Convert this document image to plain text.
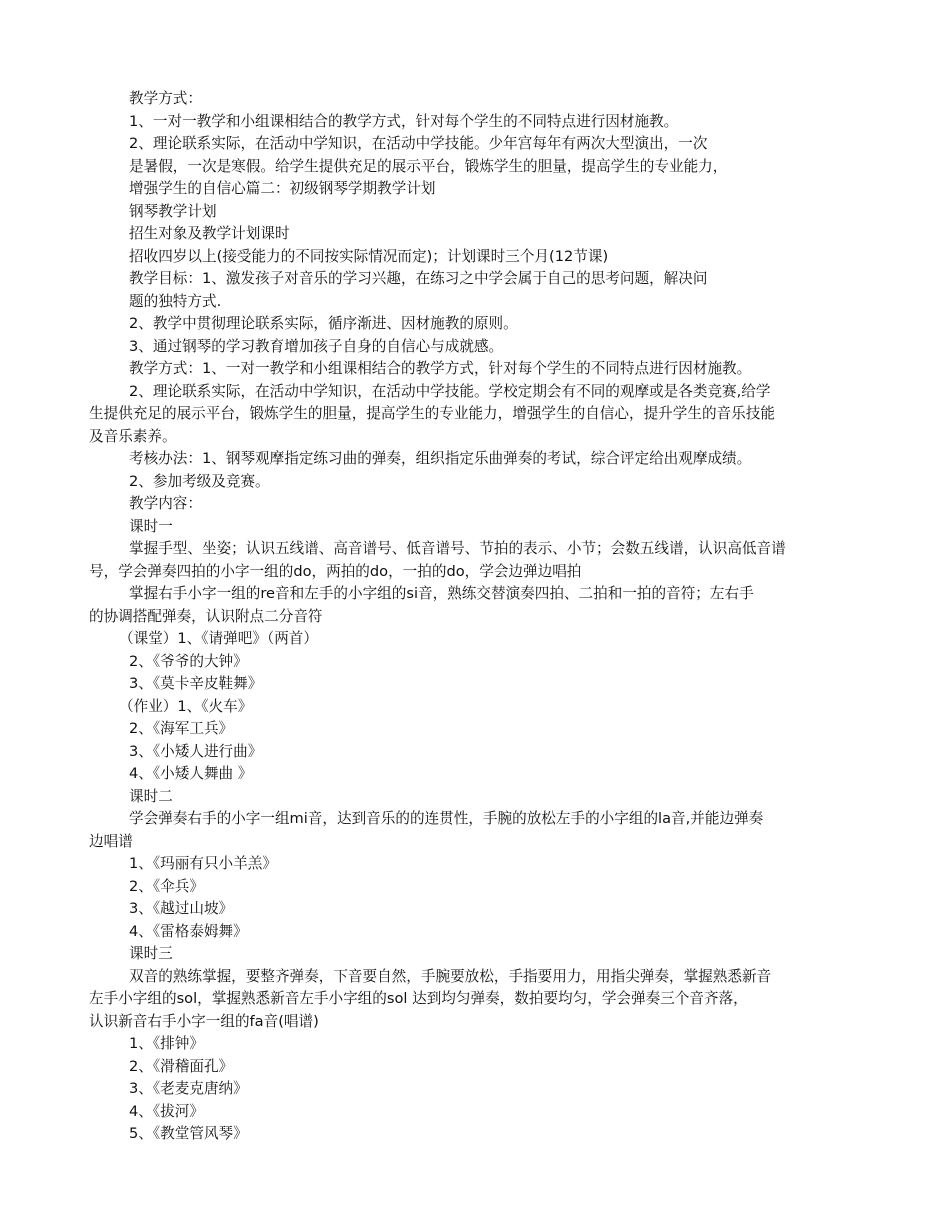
教学方式：
1、一对一教学和小组课相结合的教学方式，针对每个学生的不同特点进行因材施教。
2、理论联系实际，在活动中学知识，在活动中学技能。少年宫每年有两次大型演出，一次
是暑假，一次是寒假。给学生提供充足的展示平台，锻炼学生的胆量，提高学生的专业能力，
增强学生的自信心篇二：初级钢琴学期教学计划
钢琴教学计划
招生对象及教学计划课时
招收四岁以上(接受能力的不同按实际情况而定)；计划课时三个月(12节课)
教学目标：1、激发孩子对音乐的学习兴趣，在练习之中学会属于自己的思考问题，解决问
题的独特方式.
2、教学中贯彻理论联系实际，循序渐进、因材施教的原则。
3、通过钢琴的学习教育增加孩子自身的自信心与成就感。
教学方式：1、一对一教学和小组课相结合的教学方式，针对每个学生的不同特点进行因材施教。
2、理论联系实际，在活动中学知识，在活动中学技能。学校定期会有不同的观摩或是各类竞赛,给学
生提供充足的展示平台，锻炼学生的胆量，提高学生的专业能力，增强学生的自信心，提升学生的音乐技能
及音乐素养。
考核办法：1、钢琴观摩指定练习曲的弹奏，组织指定乐曲弹奏的考试，综合评定给出观摩成绩。
2、参加考级及竞赛。
教学内容：
课时一
掌握手型、坐姿；认识五线谱、高音谱号、低音谱号、节拍的表示、小节；会数五线谱，认识高低音谱
号，学会弹奏四拍的小字一组的do，两拍的do，一拍的do，学会边弹边唱拍
掌握右手小字一组的re音和左手的小字组的si音，熟练交替演奏四拍、二拍和一拍的音符；左右手
的协调搭配弹奏，认识附点二分音符
（课堂）1、《请弹吧》（两首）
2、《爷爷的大钟》
3、《莫卡辛皮鞋舞》
（作业）1、《火车》
2、《海军工兵》
3、《小矮人进行曲》
4、《小矮人舞曲 》
课时二
学会弹奏右手的小字一组mi音，达到音乐的的连贯性，手腕的放松左手的小字组的la音,并能边弹奏
边唱谱
1、《玛丽有只小羊羔》
2、《伞兵》
3、《越过山坡》
4、《雷格泰姆舞》
课时三
双音的熟练掌握，要整齐弹奏，下音要自然，手腕要放松，手指要用力，用指尖弹奏，掌握熟悉新音
左手小字组的sol，掌握熟悉新音左手小字组的sol 达到均匀弹奏，数拍要均匀，学会弹奏三个音齐落，
认识新音右手小字一组的fa音(唱谱)
1、《排钟》
2、《滑稽面孔》
3、《老麦克唐纳》
4、《拔河》
5、《教堂管风琴》
